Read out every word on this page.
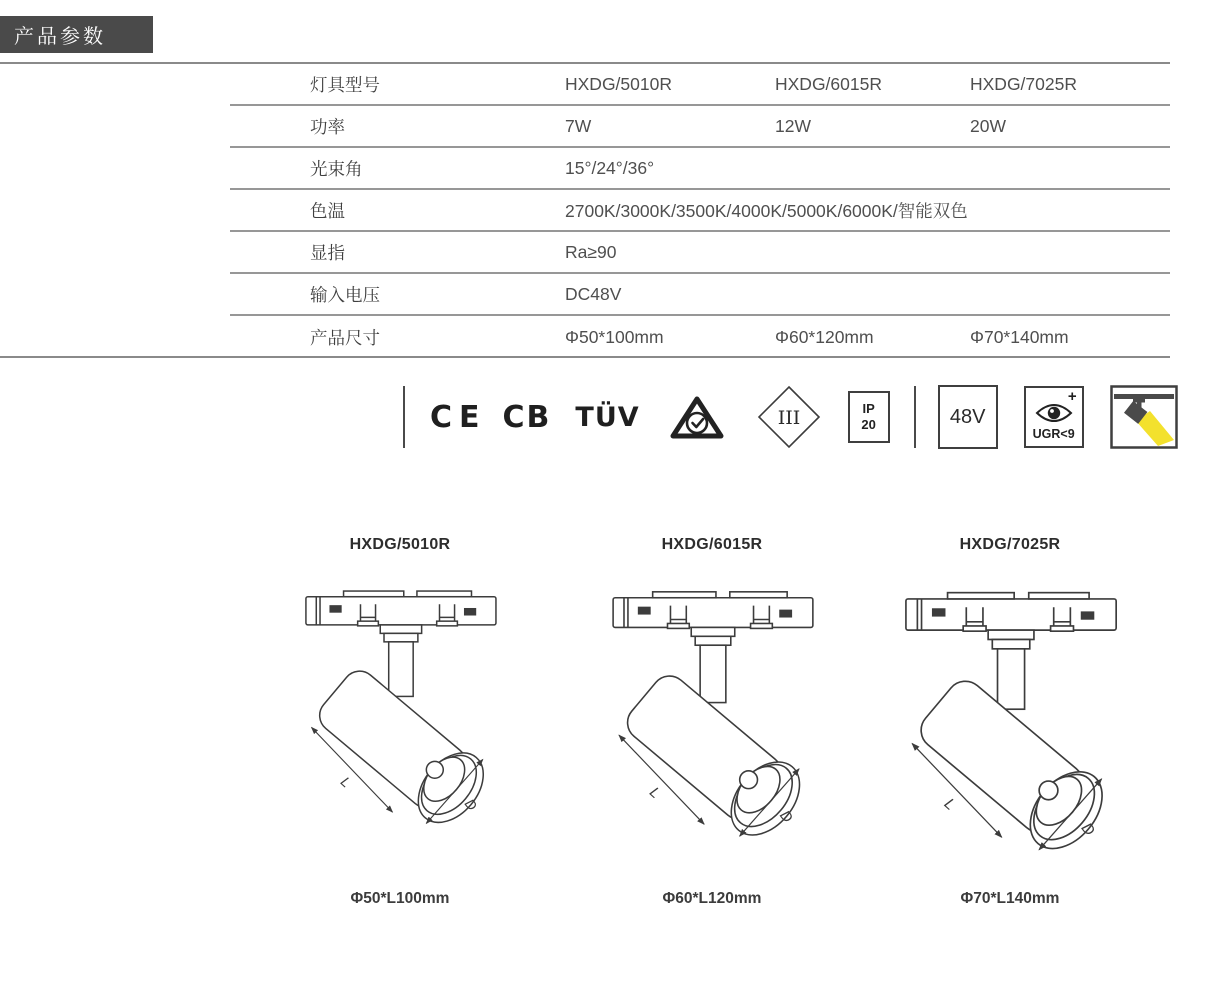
产品参数
灯具型号	HXDG/5010R	HXDG/6015R	HXDG/7025R
功率	7W	12W	20W
光束角	15°/24°/36°
色温	2700K/3000K/3500K/4000K/5000K/6000K/智能双色
显指	Ra≥90
输入电压	DC48V
产品尺寸	Φ50*100mm	Φ60*120mm	Φ70*140mm
CE CB TÜV	III	IP
20	48V
+
UGR<9
HXDG/5010R
Φ50*L100mm
HXDG/6015R
Φ60*L120mm
HXDG/7025R
Φ70*L140mm
